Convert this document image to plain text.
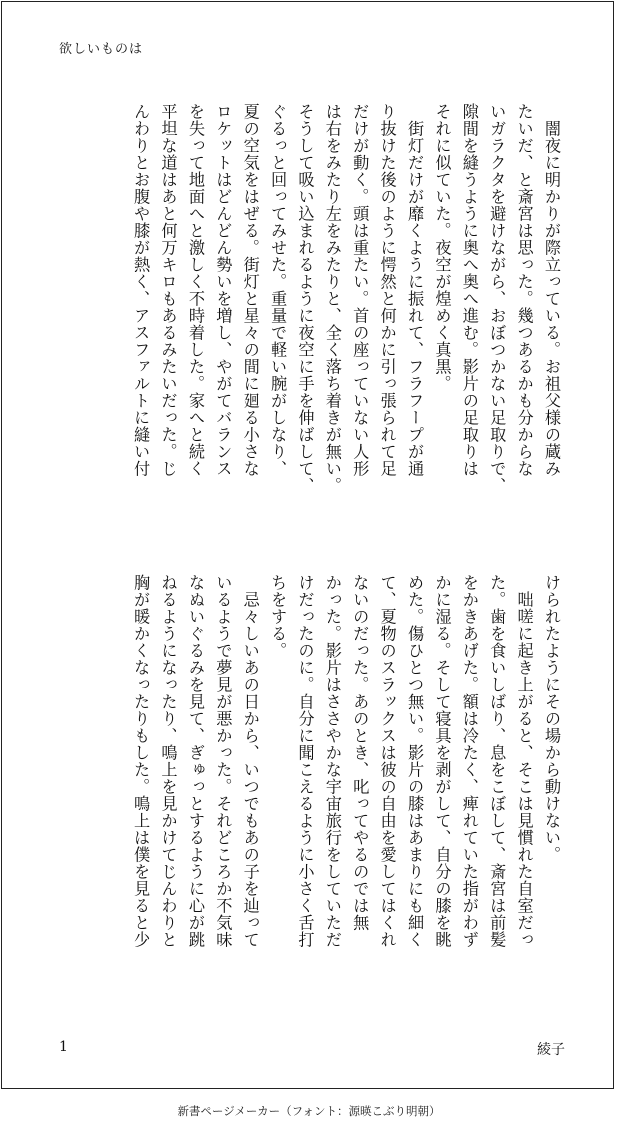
欲しいものは
　闇夜に明かりが際立っている。お祖父様の蔵み
たいだ、と斎宮は思った。幾つあるかも分からな
いガラクタを避けながら、おぼつかない足取りで、
隙間を縫うように奥へ奥へ進む。影片の足取りは
それに似ていた。夜空が煌めく真黒。
　街灯だけが靡くように振れて、フラフープが通
り抜けた後のように愕然と何かに引っ張られて足
だけが動く。頭は重たい。首の座っていない人形
は右をみたり左をみたりと、全く落ち着きが無い。
そうして吸い込まれるように夜空に手を伸ばして、
ぐるっと回ってみせた。重量で軽い腕がしなり、
夏の空気をはぜる。街灯と星々の間に廻る小さな
ロケットはどんどん勢いを増し、やがてバランス
を失って地面へと激しく不時着した。家へと続く
平坦な道はあと何万キロもあるみたいだった。じ
んわりとお腹や膝が熱く、アスファルトに縫い付
けられたようにその場から動けない。
　咄嗟に起き上がると、そこは見慣れた自室だっ
た。歯を食いしばり、息をこぼして、斎宮は前髪
をかきあげた。額は冷たく、痺れていた指がわず
かに湿る。そして寝具を剥がして、自分の膝を眺
めた。傷ひとつ無い。影片の膝はあまりにも細く
て、夏物のスラックスは彼の自由を愛してはくれ
ないのだった。あのとき、叱ってやるのでは無
かった。影片はささやかな宇宙旅行をしていただ
けだったのに。自分に聞こえるように小さく舌打
ちをする。
　忌々しいあの日から、いつでもあの子を辿って
いるようで夢見が悪かった。それどころか不気味
なぬいぐるみを見て、ぎゅっとするように心が跳
ねるようになったり、鳴上を見かけてじんわりと
胸が暖かくなったりもした。鳴上は僕を見ると少
1	綾子
新書ページメーカー（フォント：源暎こぶり明朝）
